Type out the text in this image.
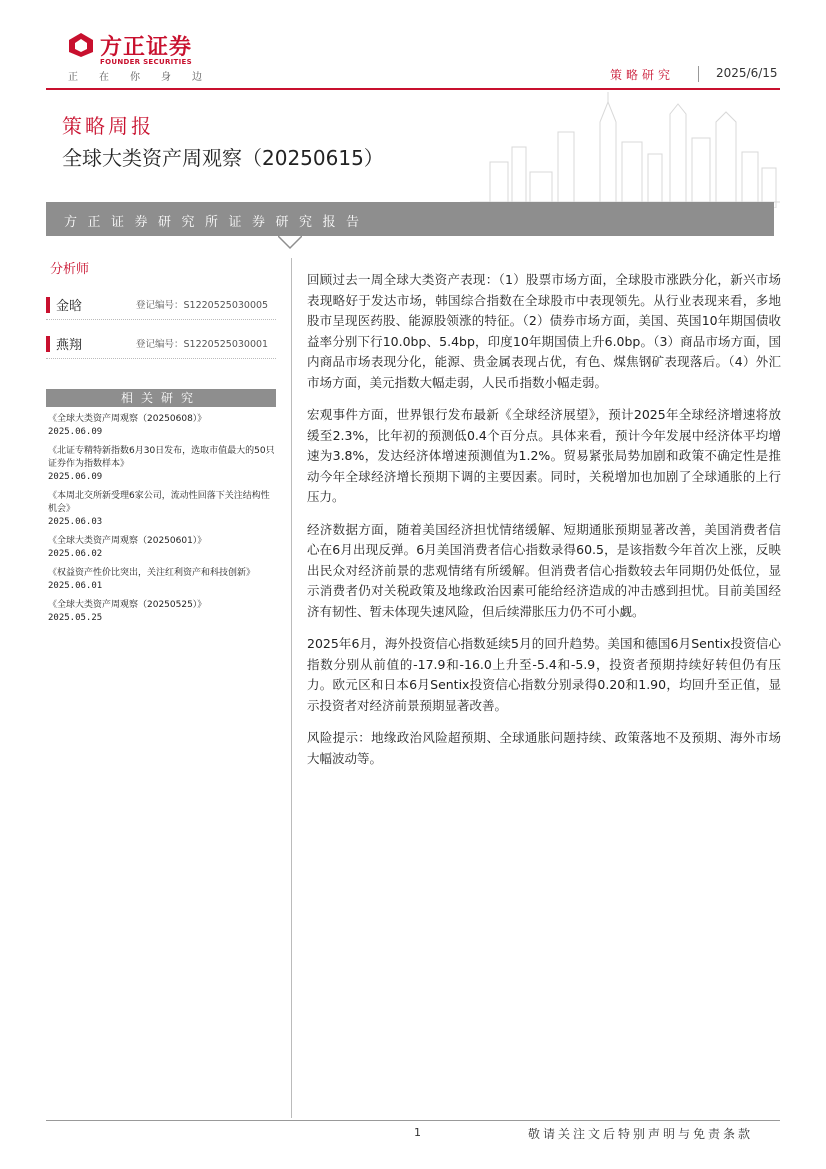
方正证券
FOUNDER SECURITIES
正在你身边	策略研究	2025/6/15
策略周报
全球大类资产周观察（20250615）
方正证券研究所证券研究报告
分析师
金晗	登记编号：S1220525030005
燕翔	登记编号：S1220525030001
相关研究
《全球大类资产周观察（20250608）》
2025.06.09
《北证专精特新指数6月30日发布，选取市值最大的50只证券作为指数样本》
2025.06.09
《本周北交所新受理6家公司，流动性回落下关注结构性机会》
2025.06.03
《全球大类资产周观察（20250601）》
2025.06.02
《权益资产性价比突出，关注红利资产和科技创新》
2025.06.01
《全球大类资产周观察（20250525）》
2025.05.25

回顾过去一周全球大类资产表现：（1）股票市场方面，全球股市涨跌分化，新兴市场表现略好于发达市场，韩国综合指数在全球股市中表现领先。从行业表现来看，多地股市呈现医药股、能源股领涨的特征。（2）债券市场方面，美国、英国10年期国债收益率分别下行10.0bp、5.4bp，印度10年期国债上升6.0bp。（3）商品市场方面，国内商品市场表现分化，能源、贵金属表现占优，有色、煤焦钢矿表现落后。（4）外汇市场方面，美元指数大幅走弱，人民币指数小幅走弱。

宏观事件方面，世界银行发布最新《全球经济展望》，预计2025年全球经济增速将放缓至2.3%，比年初的预测低0.4个百分点。具体来看，预计今年发展中经济体平均增速为3.8%，发达经济体增速预测值为1.2%。贸易紧张局势加剧和政策不确定性是推动今年全球经济增长预期下调的主要因素。同时，关税增加也加剧了全球通胀的上行压力。

经济数据方面，随着美国经济担忧情绪缓解、短期通胀预期显著改善，美国消费者信心在6月出现反弹。6月美国消费者信心指数录得60.5，是该指数今年首次上涨，反映出民众对经济前景的悲观情绪有所缓解。但消费者信心指数较去年同期仍处低位，显示消费者仍对关税政策及地缘政治因素可能给经济造成的冲击感到担忧。目前美国经济有韧性、暂未体现失速风险，但后续滞胀压力仍不可小觑。

2025年6月，海外投资信心指数延续5月的回升趋势。美国和德国6月Sentix投资信心指数分别从前值的-17.9和-16.0上升至-5.4和-5.9，投资者预期持续好转但仍有压力。欧元区和日本6月Sentix投资信心指数分别录得0.20和1.90，均回升至正值，显示投资者对经济前景预期显著改善。

风险提示：地缘政治风险超预期、全球通胀问题持续、政策落地不及预期、海外市场大幅波动等。

1	敬请关注文后特别声明与免责条款
